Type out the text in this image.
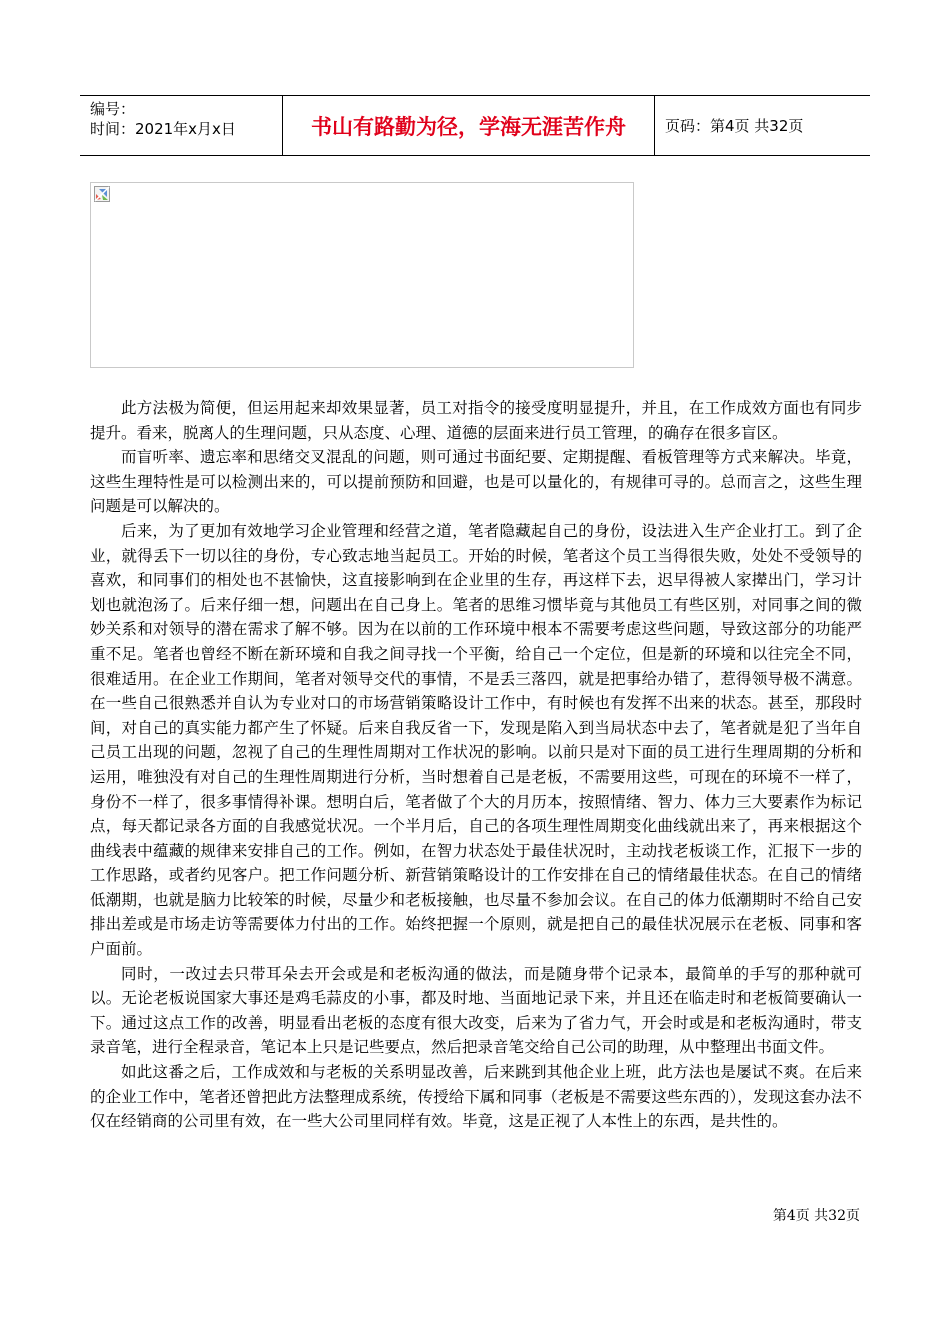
编号：
时间：2021年x月x日	书山有路勤为径，学海无涯苦作舟	页码：第4页 共32页

此方法极为简便，但运用起来却效果显著，员工对指令的接受度明显提升，并且，在工作成效方面也有同步提升。看来，脱离人的生理问题，只从态度、心理、道德的层面来进行员工管理，的确存在很多盲区。

而盲听率、遗忘率和思绪交叉混乱的问题，则可通过书面纪要、定期提醒、看板管理等方式来解决。毕竟，这些生理特性是可以检测出来的，可以提前预防和回避，也是可以量化的，有规律可寻的。总而言之，这些生理问题是可以解决的。

后来，为了更加有效地学习企业管理和经营之道，笔者隐藏起自己的身份，设法进入生产企业打工。到了企业，就得丢下一切以往的身份，专心致志地当起员工。开始的时候，笔者这个员工当得很失败，处处不受领导的喜欢，和同事们的相处也不甚愉快，这直接影响到在企业里的生存，再这样下去，迟早得被人家撵出门，学习计划也就泡汤了。后来仔细一想，问题出在自己身上。笔者的思维习惯毕竟与其他员工有些区别，对同事之间的微妙关系和对领导的潜在需求了解不够。因为在以前的工作环境中根本不需要考虑这些问题，导致这部分的功能严重不足。笔者也曾经不断在新环境和自我之间寻找一个平衡，给自己一个定位，但是新的环境和以往完全不同，很难适用。在企业工作期间，笔者对领导交代的事情，不是丢三落四，就是把事给办错了，惹得领导极不满意。在一些自己很熟悉并自认为专业对口的市场营销策略设计工作中，有时候也有发挥不出来的状态。甚至，那段时间，对自己的真实能力都产生了怀疑。后来自我反省一下，发现是陷入到当局状态中去了，笔者就是犯了当年自己员工出现的问题，忽视了自己的生理性周期对工作状况的影响。以前只是对下面的员工进行生理周期的分析和运用，唯独没有对自己的生理性周期进行分析，当时想着自己是老板，不需要用这些，可现在的环境不一样了，身份不一样了，很多事情得补课。想明白后，笔者做了个大的月历本，按照情绪、智力、体力三大要素作为标记点，每天都记录各方面的自我感觉状况。一个半月后，自己的各项生理性周期变化曲线就出来了，再来根据这个曲线表中蕴藏的规律来安排自己的工作。例如，在智力状态处于最佳状况时，主动找老板谈工作，汇报下一步的工作思路，或者约见客户。把工作问题分析、新营销策略设计的工作安排在自己的情绪最佳状态。在自己的情绪低潮期，也就是脑力比较笨的时候，尽量少和老板接触，也尽量不参加会议。在自己的体力低潮期时不给自己安排出差或是市场走访等需要体力付出的工作。始终把握一个原则，就是把自己的最佳状况展示在老板、同事和客户面前。

同时，一改过去只带耳朵去开会或是和老板沟通的做法，而是随身带个记录本，最简单的手写的那种就可以。无论老板说国家大事还是鸡毛蒜皮的小事，都及时地、当面地记录下来，并且还在临走时和老板简要确认一下。通过这点工作的改善，明显看出老板的态度有很大改变，后来为了省力气，开会时或是和老板沟通时，带支录音笔，进行全程录音，笔记本上只是记些要点，然后把录音笔交给自己公司的助理，从中整理出书面文件。

如此这番之后，工作成效和与老板的关系明显改善，后来跳到其他企业上班，此方法也是屡试不爽。在后来的企业工作中，笔者还曾把此方法整理成系统，传授给下属和同事（老板是不需要这些东西的），发现这套办法不仅在经销商的公司里有效，在一些大公司里同样有效。毕竟，这是正视了人本性上的东西，是共性的。

第4页 共32页
